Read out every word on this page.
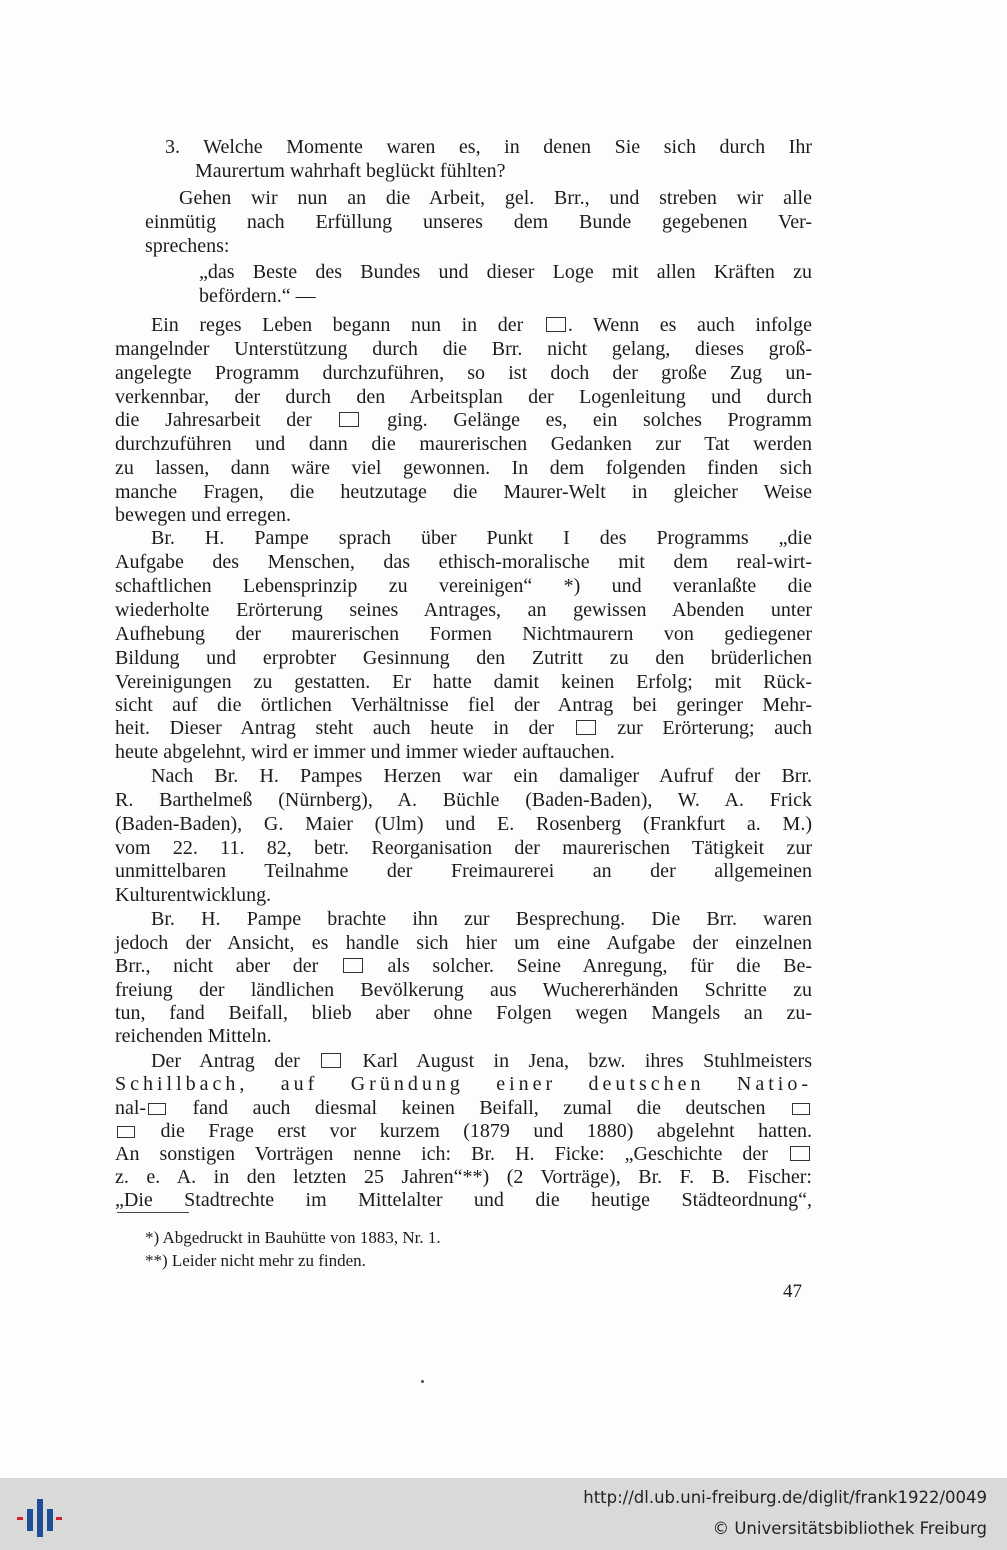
3. Welche Momente waren es, in denen Sie sich durch Ihr
Maurertum wahrhaft beglückt fühlten?
Gehen wir nun an die Arbeit, gel. Brr., und streben wir alle
einmütig nach Erfüllung unseres dem Bunde gegebenen Ver-
sprechens:
„das Beste des Bundes und dieser Loge mit allen Kräften zu
befördern.“ —
Ein reges Leben begann nun in der . Wenn es auch infolge
mangelnder Unterstützung durch die Brr. nicht gelang, dieses groß-
angelegte Programm durchzuführen, so ist doch der große Zug un-
verkennbar, der durch den Arbeitsplan der Logenleitung und durch
die Jahresarbeit der  ging. Gelänge es, ein solches Programm
durchzuführen und dann die maurerischen Gedanken zur Tat werden
zu lassen, dann wäre viel gewonnen. In dem folgenden finden sich
manche Fragen, die heutzutage die Maurer-Welt in gleicher Weise
bewegen und erregen.
Br. H. Pampe sprach über Punkt I des Programms „die
Aufgabe des Menschen, das ethisch-moralische mit dem real-wirt-
schaftlichen Lebensprinzip zu vereinigen“ *) und veranlaßte die
wiederholte Erörterung seines Antrages, an gewissen Abenden unter
Aufhebung der maurerischen Formen Nichtmaurern von gediegener
Bildung und erprobter Gesinnung den Zutritt zu den brüderlichen
Vereinigungen zu gestatten. Er hatte damit keinen Erfolg; mit Rück-
sicht auf die örtlichen Verhältnisse fiel der Antrag bei geringer Mehr-
heit. Dieser Antrag steht auch heute in der  zur Erörterung; auch
heute abgelehnt, wird er immer und immer wieder auftauchen.
Nach Br. H. Pampes Herzen war ein damaliger Aufruf der Brr.
R. Barthelmeß (Nürnberg), A. Büchle (Baden-Baden), W. A. Frick
(Baden-Baden), G. Maier (Ulm) und E. Rosenberg (Frankfurt a. M.)
vom 22. 11. 82, betr. Reorganisation der maurerischen Tätigkeit zur
unmittelbaren Teilnahme der Freimaurerei an der allgemeinen
Kulturentwicklung.
Br. H. Pampe brachte ihn zur Besprechung. Die Brr. waren
jedoch der Ansicht, es handle sich hier um eine Aufgabe der einzelnen
Brr., nicht aber der  als solcher. Seine Anregung, für die Be-
freiung der ländlichen Bevölkerung aus Wuchererhänden Schritte zu
tun, fand Beifall, blieb aber ohne Folgen wegen Mangels an zu-
reichenden Mitteln.
Der Antrag der  Karl August in Jena, bzw. ihres Stuhlmeisters
Schillbach, auf Gründung einer deutschen Natio-
nal- fand auch diesmal keinen Beifall, zumal die deutschen
die Frage erst vor kurzem (1879 und 1880) abgelehnt hatten.
An sonstigen Vorträgen nenne ich: Br. H. Ficke: „Geschichte der
z. e. A. in den letzten 25 Jahren“**) (2 Vorträge), Br. F. B. Fischer:
„Die Stadtrechte im Mittelalter und die heutige Städteordnung“,
*) Abgedruckt in Bauhütte von 1883, Nr. 1.
**) Leider nicht mehr zu finden.
47
http://dl.ub.uni-freiburg.de/diglit/frank1922/0049
© Universitätsbibliothek Freiburg
